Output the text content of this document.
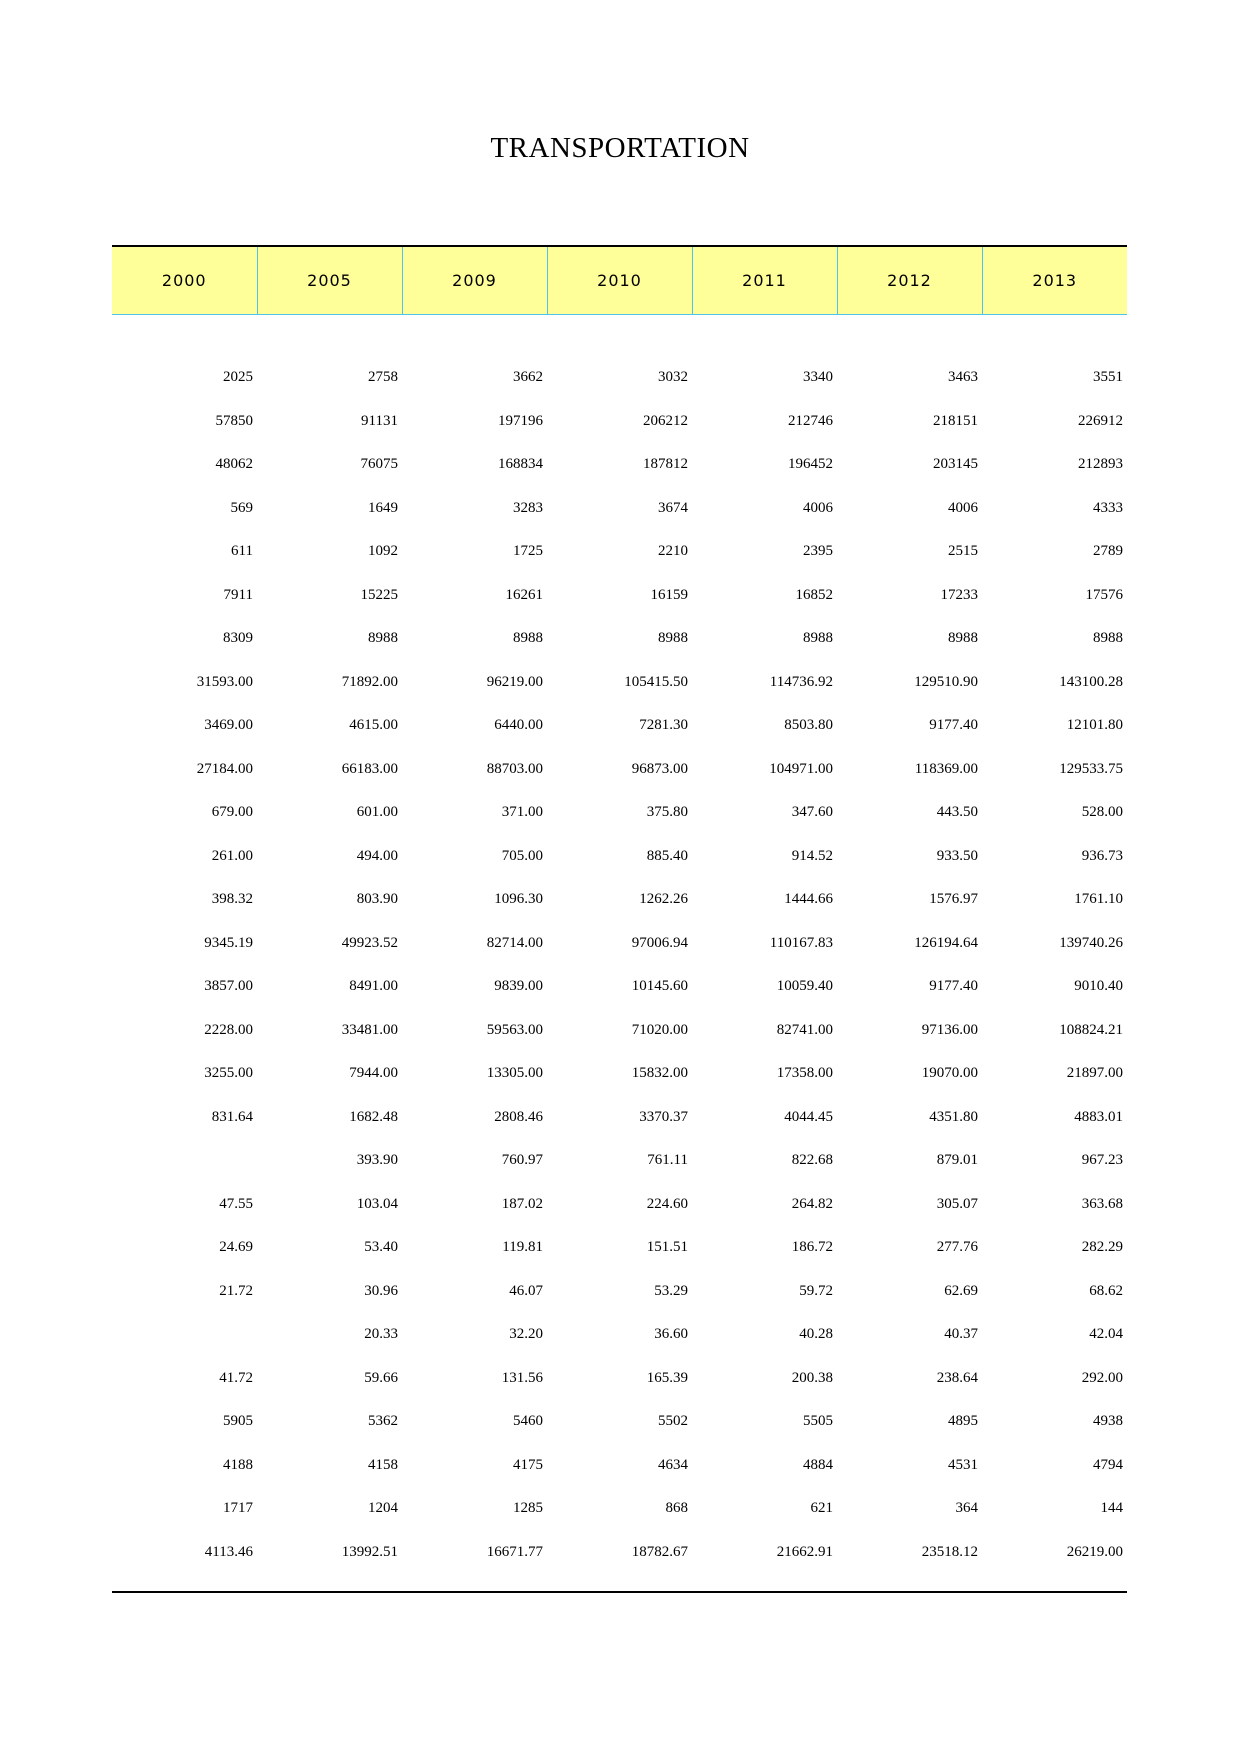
TRANSPORTATION
2000	2005	2009	2010	2011	2012	2013

2025	2758	3662	3032	3340	3463	3551
57850	91131	197196	206212	212746	218151	226912
48062	76075	168834	187812	196452	203145	212893
569	1649	3283	3674	4006	4006	4333
611	1092	1725	2210	2395	2515	2789
7911	15225	16261	16159	16852	17233	17576
8309	8988	8988	8988	8988	8988	8988
31593.00	71892.00	96219.00	105415.50	114736.92	129510.90	143100.28
3469.00	4615.00	6440.00	7281.30	8503.80	9177.40	12101.80
27184.00	66183.00	88703.00	96873.00	104971.00	118369.00	129533.75
679.00	601.00	371.00	375.80	347.60	443.50	528.00
261.00	494.00	705.00	885.40	914.52	933.50	936.73
398.32	803.90	1096.30	1262.26	1444.66	1576.97	1761.10
9345.19	49923.52	82714.00	97006.94	110167.83	126194.64	139740.26
3857.00	8491.00	9839.00	10145.60	10059.40	9177.40	9010.40
2228.00	33481.00	59563.00	71020.00	82741.00	97136.00	108824.21
3255.00	7944.00	13305.00	15832.00	17358.00	19070.00	21897.00
831.64	1682.48	2808.46	3370.37	4044.45	4351.80	4883.01
	393.90	760.97	761.11	822.68	879.01	967.23
47.55	103.04	187.02	224.60	264.82	305.07	363.68
24.69	53.40	119.81	151.51	186.72	277.76	282.29
21.72	30.96	46.07	53.29	59.72	62.69	68.62
	20.33	32.20	36.60	40.28	40.37	42.04
41.72	59.66	131.56	165.39	200.38	238.64	292.00
5905	5362	5460	5502	5505	4895	4938
4188	4158	4175	4634	4884	4531	4794
1717	1204	1285	868	621	364	144
4113.46	13992.51	16671.77	18782.67	21662.91	23518.12	26219.00
